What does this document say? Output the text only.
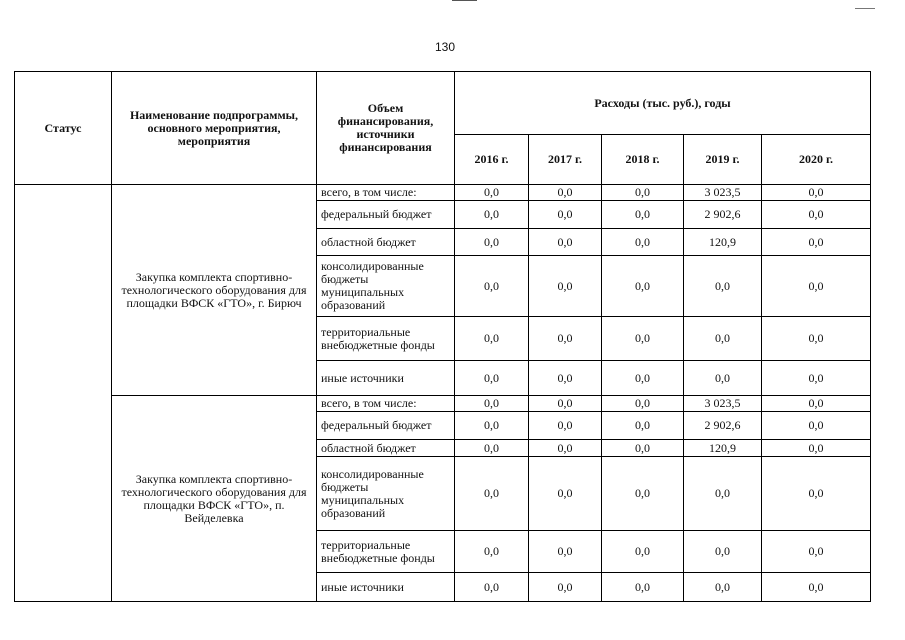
130
Статус	Наименование подпрограммы, основного мероприятия, мероприятия	Объем финансирования, источники финансирования	Расходы (тыс. руб.), годы				
			2016 г.	2017 г.	2018 г.	2019 г.	2020 г.
	Закупка комплекта спортивно-технологического оборудования для площадки ВФСК «ГТО», г. Бирюч	всего, в том числе:	0,0	0,0	0,0	3 023,5	0,0
		федеральный бюджет	0,0	0,0	0,0	2 902,6	0,0
		областной бюджет	0,0	0,0	0,0	120,9	0,0
		консолидированные бюджеты муниципальных образований	0,0	0,0	0,0	0,0	0,0
		территориальные внебюджетные фонды	0,0	0,0	0,0	0,0	0,0
		иные источники	0,0	0,0	0,0	0,0	0,0
	Закупка комплекта спортивно-технологического оборудования для площадки ВФСК «ГТО», п. Вейделевка	всего, в том числе:	0,0	0,0	0,0	3 023,5	0,0
		федеральный бюджет	0,0	0,0	0,0	2 902,6	0,0
		областной бюджет	0,0	0,0	0,0	120,9	0,0
		консолидированные бюджеты муниципальных образований	0,0	0,0	0,0	0,0	0,0
		территориальные внебюджетные фонды	0,0	0,0	0,0	0,0	0,0
		иные источники	0,0	0,0	0,0	0,0	0,0
